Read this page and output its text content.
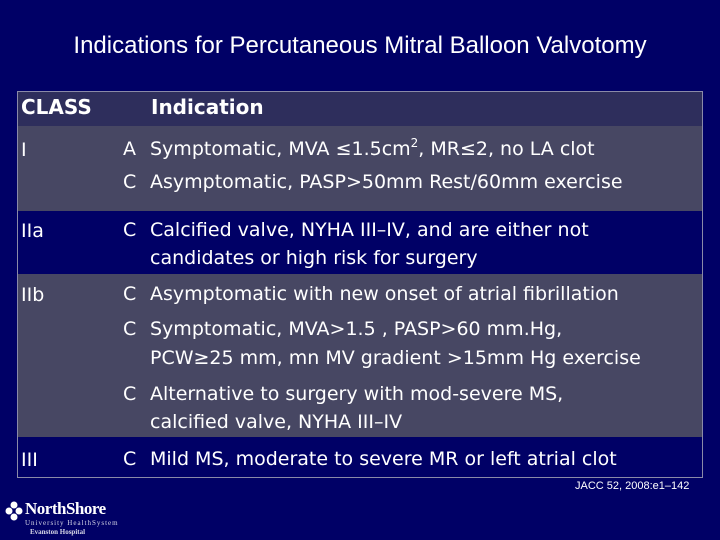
Indications for Percutaneous Mitral Balloon Valvotomy
CLASS	Indication
I	A Symptomatic, MVA $\le 1.5cm^2$, MR≤2, no LA clot
C Asymptomatic, PASP>50mm Rest/60mm exercise
IIa	C Calcified valve, NYHA III–IV, and are either not
candidates or high risk for surgery
IIb	C Asymptomatic with new onset of atrial fibrillation
C Symptomatic, MVA>1.5 , PASP>60 mm.Hg,
PCW≥25 mm, mn MV gradient >15mm Hg exercise
C Alternative to surgery with mod-severe MS,
calcified valve, NYHA III–IV
III	C Mild MS, moderate to severe MR or left atrial clot
JACC 52, 2008:e1–142
NorthShore
University HealthSystem
Evanston Hospital
